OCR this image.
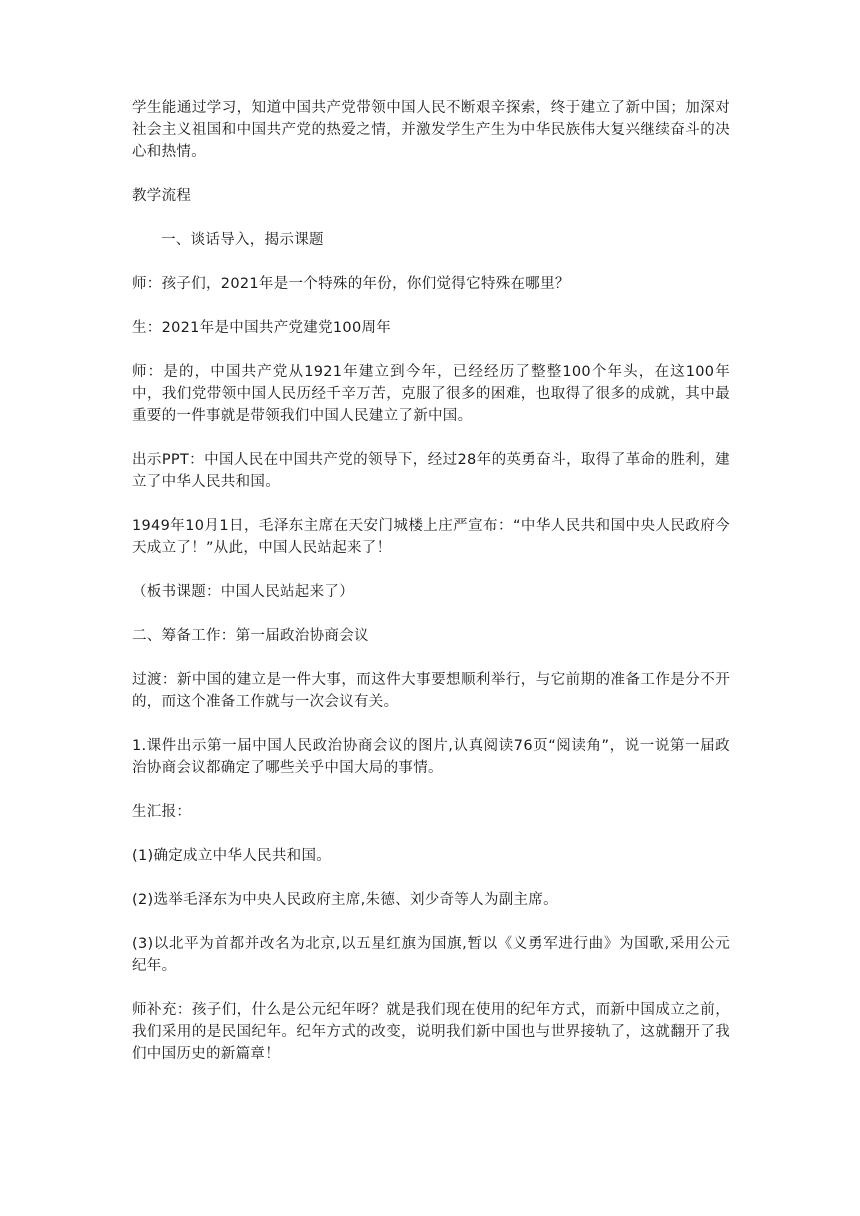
学生能通过学习，知道中国共产党带领中国人民不断艰辛探索，终于建立了新中国；加深对社会主义祖国和中国共产党的热爱之情，并激发学生产生为中华民族伟大复兴继续奋斗的决心和热情。

教学流程

一、谈话导入，揭示课题

师：孩子们，2021年是一个特殊的年份，你们觉得它特殊在哪里？

生：2021年是中国共产党建党100周年

师：是的，中国共产党从1921年建立到今年，已经经历了整整100个年头，在这100年中，我们党带领中国人民历经千辛万苦，克服了很多的困难，也取得了很多的成就，其中最重要的一件事就是带领我们中国人民建立了新中国。

出示PPT：中国人民在中国共产党的领导下，经过28年的英勇奋斗，取得了革命的胜利，建立了中华人民共和国。

1949年10月1日，毛泽东主席在天安门城楼上庄严宣布：“中华人民共和国中央人民政府今天成立了！”从此，中国人民站起来了！

（板书课题：中国人民站起来了）

二、筹备工作：第一届政治协商会议

过渡：新中国的建立是一件大事，而这件大事要想顺利举行，与它前期的准备工作是分不开的，而这个准备工作就与一次会议有关。

1.课件出示第一届中国人民政治协商会议的图片,认真阅读76页“阅读角”，说一说第一届政治协商会议都确定了哪些关乎中国大局的事情。

生汇报：

(1)确定成立中华人民共和国。

(2)选举毛泽东为中央人民政府主席,朱德、刘少奇等人为副主席。

(3)以北平为首都并改名为北京,以五星红旗为国旗,暂以《义勇军进行曲》为国歌,采用公元纪年。

师补充：孩子们，什么是公元纪年呀？就是我们现在使用的纪年方式，而新中国成立之前，我们采用的是民国纪年。纪年方式的改变，说明我们新中国也与世界接轨了，这就翻开了我们中国历史的新篇章！
